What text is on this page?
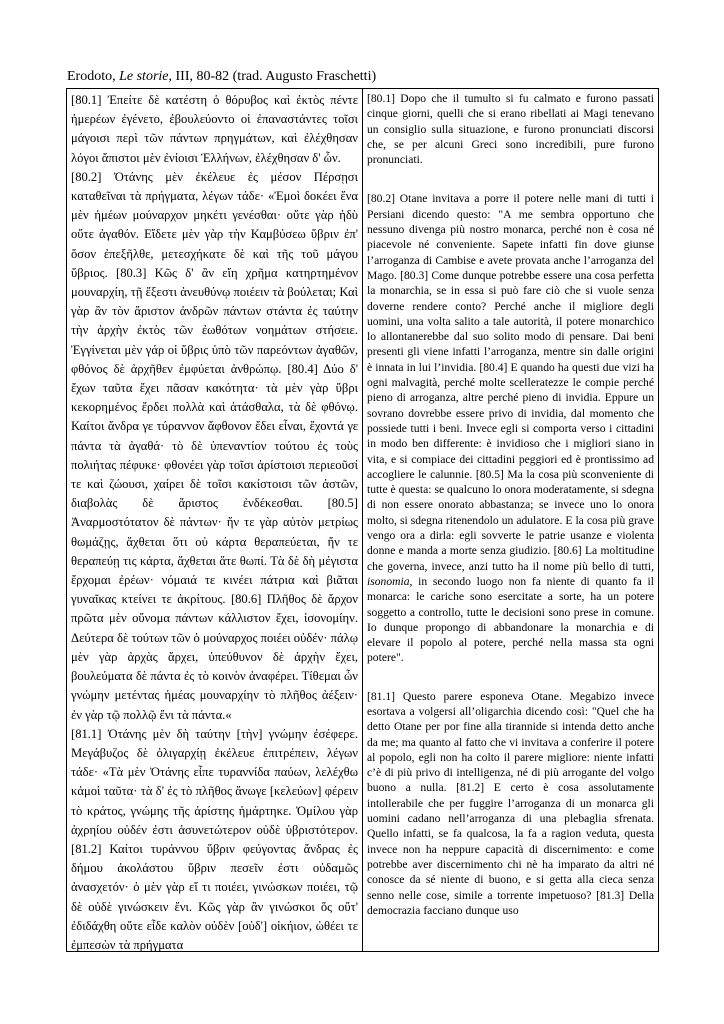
Erodoto, Le storie, III, 80-82 (trad. Augusto Fraschetti)

[80.1] Ἐπείτε δὲ κατέστη ὁ θόρυβος καὶ ἐκτὸς πέντε ἡμερέων ἐγένετο, ἐβουλεύοντο οἱ ἐπαναστάντες τοῖσι μάγοισι περὶ τῶν πάντων πρηγμάτων, καὶ ἐλέχθησαν λόγοι ἄπιστοι μὲν ἐνίοισι Ἑλλήνων, ἐλέχθησαν δ' ὦν.

[80.2] Ὀτάνης μὲν ἐκέλευε ἐς μέσον Πέρσῃσι καταθεῖναι τὰ πρήγματα, λέγων τάδε· «Ἐμοὶ δοκέει ἕνα μὲν ἡμέων μούναρχον μηκέτι γενέσθαι· οὔτε γὰρ ἡδὺ οὔτε ἀγαθόν. Εἴδετε μὲν γὰρ τὴν Καμβύσεω ὕβριν ἐπ' ὅσον ἐπεξῆλθε, μετεσχήκατε δὲ καὶ τῆς τοῦ μάγου ὕβριος. [80.3] Κῶς δ' ἂν εἴη χρῆμα κατηρτημένον μουναρχίη, τῇ ἔξεστι ἀνευθύνῳ ποιέειν τὰ βούλεται; Καὶ γὰρ ἂν τὸν ἄριστον ἀνδρῶν πάντων στάντα ἐς ταύτην τὴν ἀρχὴν ἐκτὸς τῶν ἐωθότων νοημάτων στήσειε. Ἐγγίνεται μὲν γάρ οἱ ὕβρις ὑπὸ τῶν παρεόντων ἀγαθῶν, φθόνος δὲ ἀρχῆθεν ἐμφύεται ἀνθρώπῳ. [80.4] Δύο δ' ἔχων ταῦτα ἔχει πᾶσαν κακότητα· τὰ μὲν γὰρ ὕβρι κεκορημένος ἔρδει πολλὰ καὶ ἀτάσθαλα, τὰ δὲ φθόνῳ. Καίτοι ἄνδρα γε τύραννον ἄφθονον ἔδει εἶναι, ἔχοντά γε πάντα τὰ ἀγαθά· τὸ δὲ ὑπεναντίον τούτου ἐς τοὺς πολιήτας πέφυκε· φθονέει γὰρ τοῖσι ἀρίστοισι περιεοῦσί τε καὶ ζώουσι, χαίρει δὲ τοῖσι κακίστοισι τῶν ἀστῶν, διαβολὰς δὲ ἄριστος ἐνδέκεσθαι. [80.5] Ἀναρμοστότατον δὲ πάντων· ἤν τε γὰρ αὐτὸν μετρίως θωμάζῃς, ἄχθεται ὅτι οὐ κάρτα θεραπεύεται, ἤν τε θεραπεύῃ τις κάρτα, ἄχθεται ἅτε θωπί. Τὰ δὲ δὴ μέγιστα ἔρχομαι ἐρέων· νόμαιά τε κινέει πάτρια καὶ βιᾶται γυναῖκας κτείνει τε ἀκρίτους. [80.6] Πλῆθος δὲ ἄρχον πρῶτα μὲν οὔνομα πάντων κάλλιστον ἔχει, ἰσονομίην. Δεύτερα δὲ τούτων τῶν ὁ μούναρχος ποιέει οὐδέν· πάλῳ μὲν γὰρ ἀρχὰς ἄρχει, ὑπεύθυνον δὲ ἀρχὴν ἔχει, βουλεύματα δὲ πάντα ἐς τὸ κοινὸν ἀναφέρει. Τίθεμαι ὦν γνώμην μετέντας ἡμέας μουναρχίην τὸ πλῆθος ἀέξειν· ἐν γὰρ τῷ πολλῷ ἔνι τὰ πάντα.«

[81.1] Ὀτάνης μὲν δὴ ταύτην [τὴν] γνώμην ἐσέφερε. Μεγάβυζος δὲ ὀλιγαρχίῃ ἐκέλευε ἐπιτρέπειν, λέγων τάδε· «Τὰ μὲν Ὀτάνης εἶπε τυραννίδα παύων, λελέχθω κἀμοὶ ταῦτα· τὰ δ' ἐς τὸ πλῆθος ἄνωγε [κελεύων] φέρειν τὸ κράτος, γνώμης τῆς ἀρίστης ἡμάρτηκε. Ὁμίλου γὰρ ἀχρηίου οὐδέν ἐστι ἀσυνετώτερον οὐδὲ ὑβριστότερον. [81.2] Καίτοι τυράννου ὕβριν φεύγοντας ἄνδρας ἐς δήμου ἀκολάστου ὕβριν πεσεῖν ἐστι οὐδαμῶς ἀνασχετόν· ὁ μὲν γὰρ εἴ τι ποιέει, γινώσκων ποιέει, τῷ δὲ οὐδὲ γινώσκειν ἔνι. Κῶς γὰρ ἂν γινώσκοι ὅς οὔτ' ἐδιδάχθη οὔτε εἶδε καλὸν οὐδὲν [οὐδ'] οἰκήιον, ὠθέει τε ἐμπεσὼν τὰ πρήγματα

[80.1] Dopo che il tumulto si fu calmato e furono passati cinque giorni, quelli che si erano ribellati ai Magi tenevano un consiglio sulla situazione, e furono pronunciati discorsi che, se per alcuni Greci sono incredibili, pure furono pronunciati.

[80.2] Otane invitava a porre il potere nelle mani di tutti i Persiani dicendo questo: "A me sembra opportuno che nessuno divenga più nostro monarca, perché non è cosa né piacevole né conveniente. Sapete infatti fin dove giunse l’arroganza di Cambise e avete provata anche l’arroganza del Mago. [80.3] Come dunque potrebbe essere una cosa perfetta la monarchia, se in essa si può fare ciò che si vuole senza doverne rendere conto? Perché anche il migliore degli uomini, una volta salito a tale autorità, il potere monarchico lo allontanerebbe dal suo solito modo di pensare. Dai beni presenti gli viene infatti l’arroganza, mentre sin dalle origini è innata in lui l’invidia. [80.4] E quando ha questi due vizi ha ogni malvagità, perché molte scelleratezze le compie perché pieno di arroganza, altre perché pieno di invidia. Eppure un sovrano dovrebbe essere privo di invidia, dal momento che possiede tutti i beni. Invece egli si comporta verso i cittadini in modo ben differente: è invidioso che i migliori siano in vita, e si compiace dei cittadini peggiori ed è prontissimo ad accogliere le calunnie. [80.5] Ma la cosa più sconveniente di tutte è questa: se qualcuno lo onora moderatamente, si sdegna di non essere onorato abbastanza; se invece uno lo onora molto, si sdegna ritenendolo un adulatore. E la cosa più grave vengo ora a dirla: egli sovverte le patrie usanze e violenta donne e manda a morte senza giudizio. [80.6] La moltitudine che governa, invece, anzi tutto ha il nome più bello di tutti, isonomia, in secondo luogo non fa niente di quanto fa il monarca: le cariche sono esercitate a sorte, ha un potere soggetto a controllo, tutte le decisioni sono prese in comune. Io dunque propongo di abbandonare la monarchia e di elevare il popolo al potere, perché nella massa sta ogni potere".

[81.1] Questo parere esponeva Otane. Megabizo invece esortava a volgersi all’oligarchia dicendo così: "Quel che ha detto Otane per por fine alla tirannide si intenda detto anche da me; ma quanto al fatto che vi invitava a conferire il potere al popolo, egli non ha colto il parere migliore: niente infatti c’è di più privo di intelligenza, né di più arrogante del volgo buono a nulla. [81.2] E certo è cosa assolutamente intollerabile che per fuggire l’arroganza di un monarca gli uomini cadano nell’arroganza di una plebaglia sfrenata. Quello infatti, se fa qualcosa, la fa a ragion veduta, questa invece non ha neppure capacità di discernimento: e come potrebbe aver discernimento chi nè ha imparato da altri né conosce da sé niente di buono, e si getta alla cieca senza senno nelle cose, simile a torrente impetuoso? [81.3] Della democrazia facciano dunque uso
